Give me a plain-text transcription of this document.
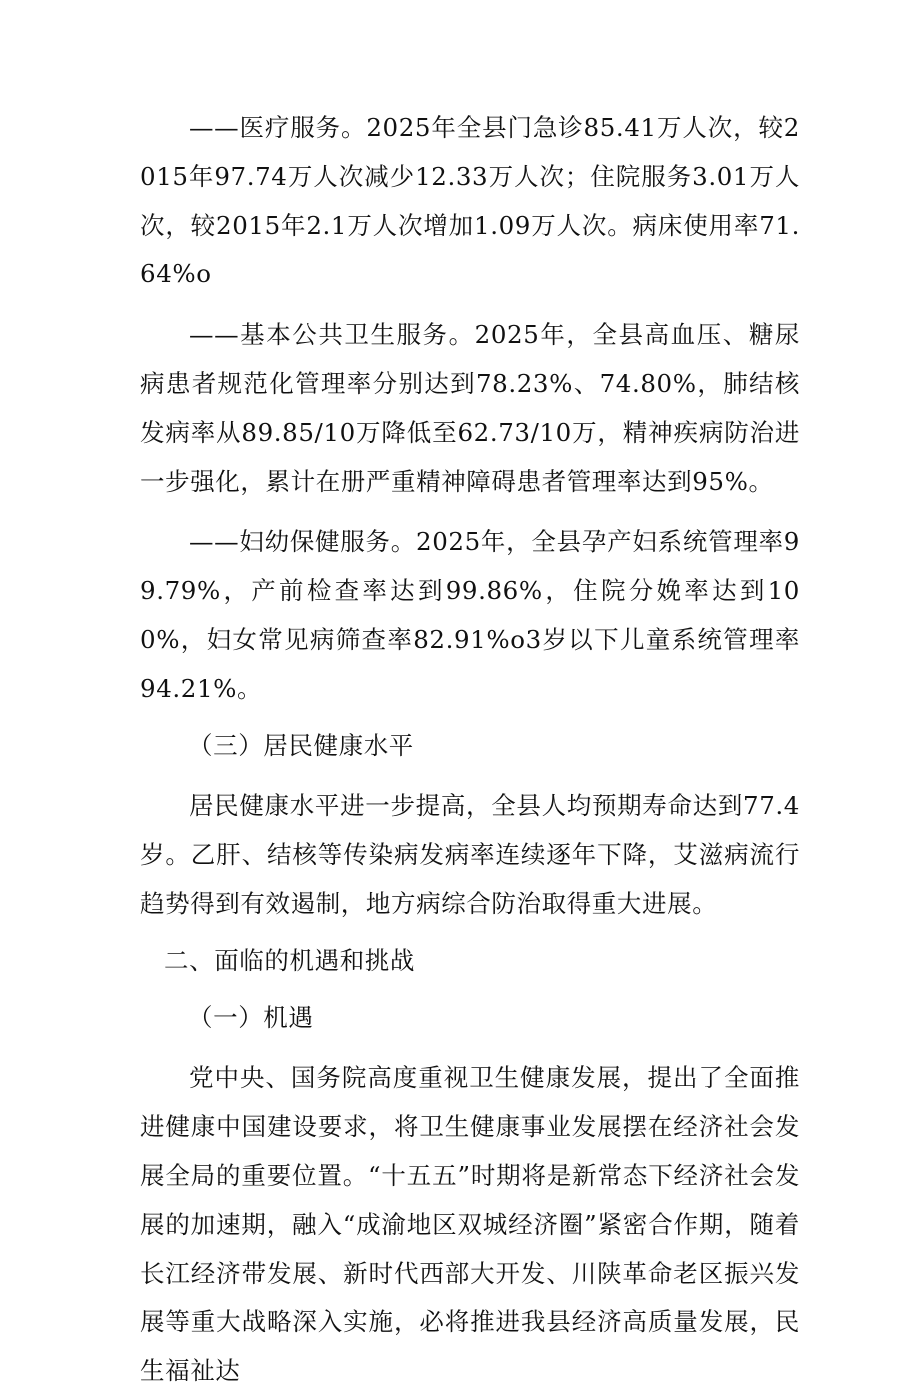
——医疗服务。2025年全县门急诊85.41万人次，较2015年97.74万人次减少12.33万人次；住院服务3.01万人次，较2015年2.1万人次增加1.09万人次。病床使用率71.64%o

——基本公共卫生服务。2025年，全县高血压、糖尿病患者规范化管理率分别达到78.23%、74.80%，肺结核发病率从89.85/10万降低至62.73/10万，精神疾病防治进一步强化，累计在册严重精神障碍患者管理率达到95%。

——妇幼保健服务。2025年，全县孕产妇系统管理率99.79%，产前检查率达到99.86%，住院分娩率达到100%，妇女常见病筛查率82.91%o3岁以下儿童系统管理率94.21%。

（三）居民健康水平

居民健康水平进一步提高，全县人均预期寿命达到77.4岁。乙肝、结核等传染病发病率连续逐年下降，艾滋病流行趋势得到有效遏制，地方病综合防治取得重大进展。

二、面临的机遇和挑战

（一）机遇

党中央、国务院高度重视卫生健康发展，提出了全面推进健康中国建设要求，将卫生健康事业发展摆在经济社会发展全局的重要位置。“十五五”时期将是新常态下经济社会发展的加速期，融入“成渝地区双城经济圈”紧密合作期，随着长江经济带发展、新时代西部大开发、川陕革命老区振兴发展等重大战略深入实施，必将推进我县经济高质量发展，民生福祉达
